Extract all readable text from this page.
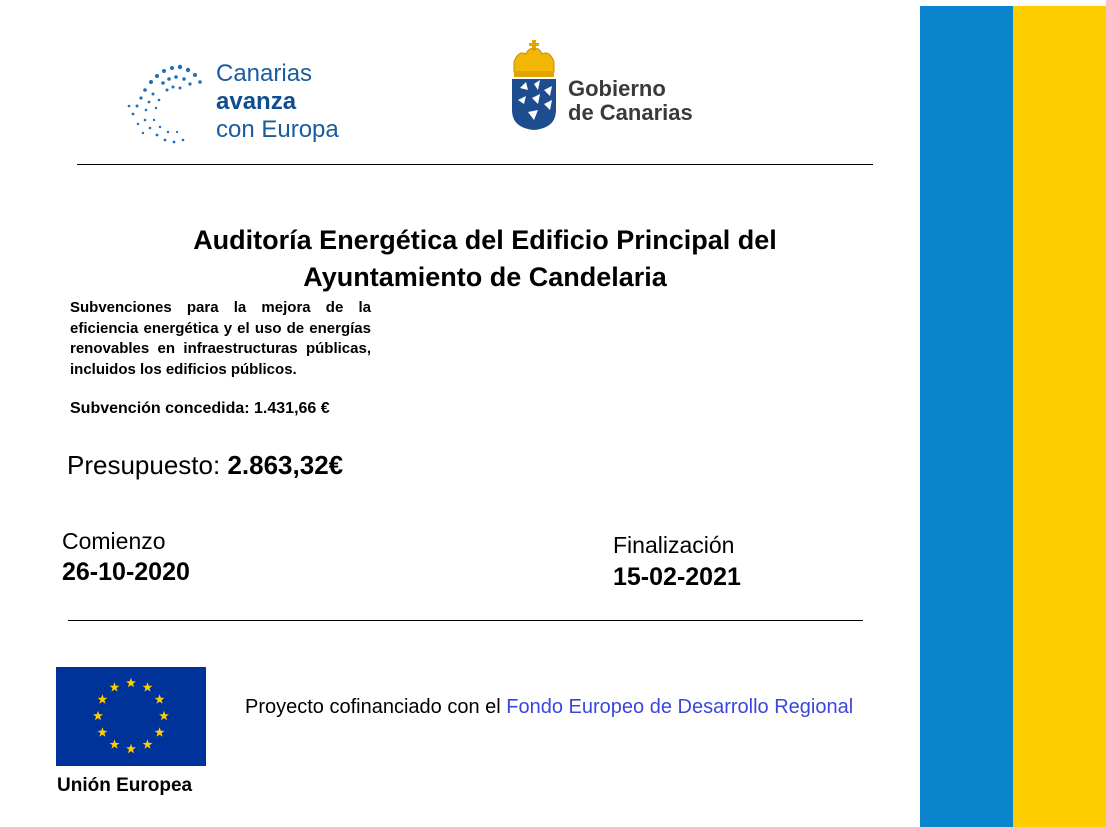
Canarias
avanza
con Europa
Gobierno
de Canarias
Auditoría Energética del Edificio Principal del
Ayuntamiento de Candelaria
Subvenciones para la mejora de la eficiencia energética y el uso de energías renovables en infraestructuras públicas, incluidos los edificios públicos.
Subvención concedida: 1.431,66 €
Presupuesto: 2.863,32€
Comienzo
26-10-2020
Finalización
15-02-2021
Unión Europea
Proyecto cofinanciado con el Fondo Europeo de Desarrollo Regional
